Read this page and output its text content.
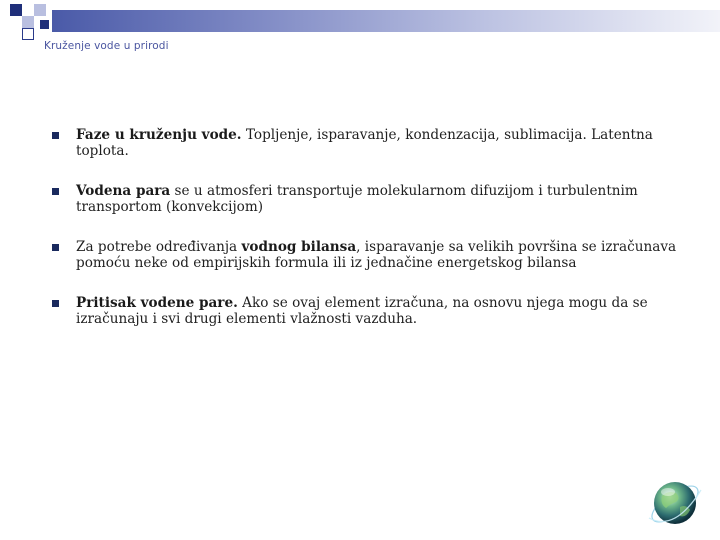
Kruženje vode u prirodi
Faze u kruženju vode. Topljenje, isparavanje, kondenzacija, sublimacija. Latentna toplota.
Vodena para se u atmosferi transportuje molekularnom difuzijom i turbulentnim transportom (konvekcijom)
Za potrebe određivanja vodnog bilansa, isparavanje sa velikih površina se izračunava pomoću neke od empirijskih formula ili iz jednačine energetskog bilansa
Pritisak vodene pare. Ako se ovaj element izračuna, na osnovu njega mogu da se izračunaju i svi drugi elementi vlažnosti vazduha.
